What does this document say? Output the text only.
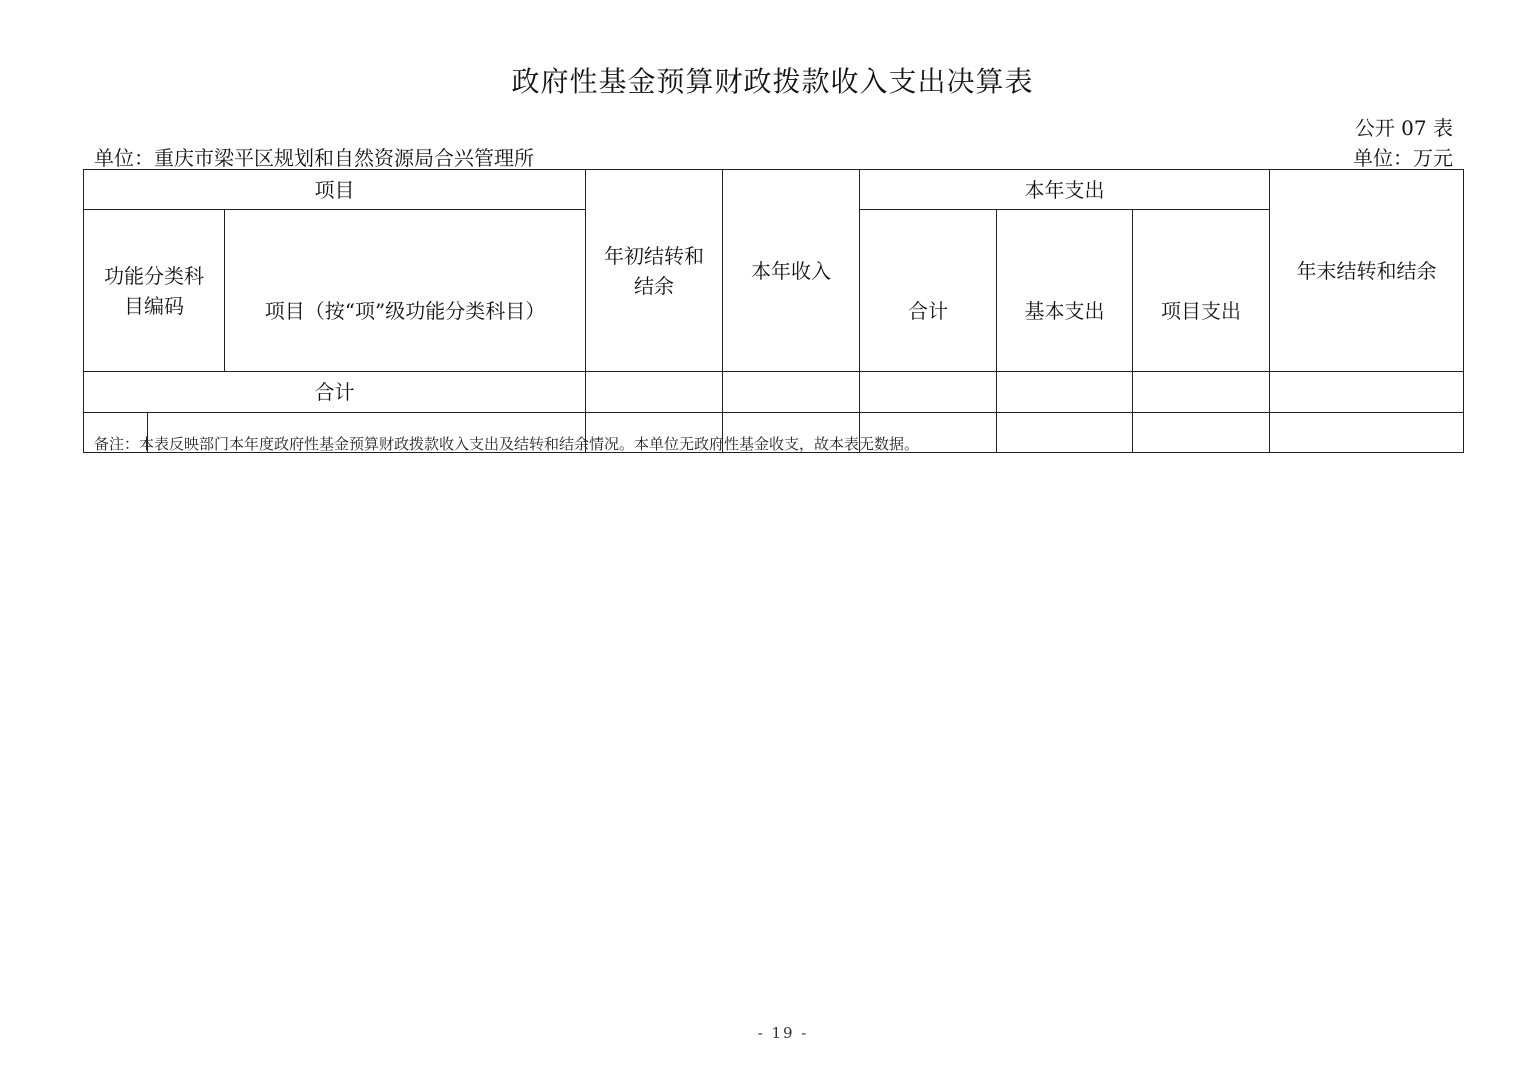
政府性基金预算财政拨款收入支出决算表
公开 07 表
单位：重庆市梁平区规划和自然资源局合兴管理所	单位：万元
项目			年初结转和结余	本年收入	本年支出			年末结转和结余

功能分类科目编码		项目（按“项”级功能分类科目）			合计	基本支出	项目支出	
合计								

备注：本表反映部门本年度政府性基金预算财政拨款收入支出及结转和结余情况。本单位无政府性基金收支，故本表无数据。
- 19 -
